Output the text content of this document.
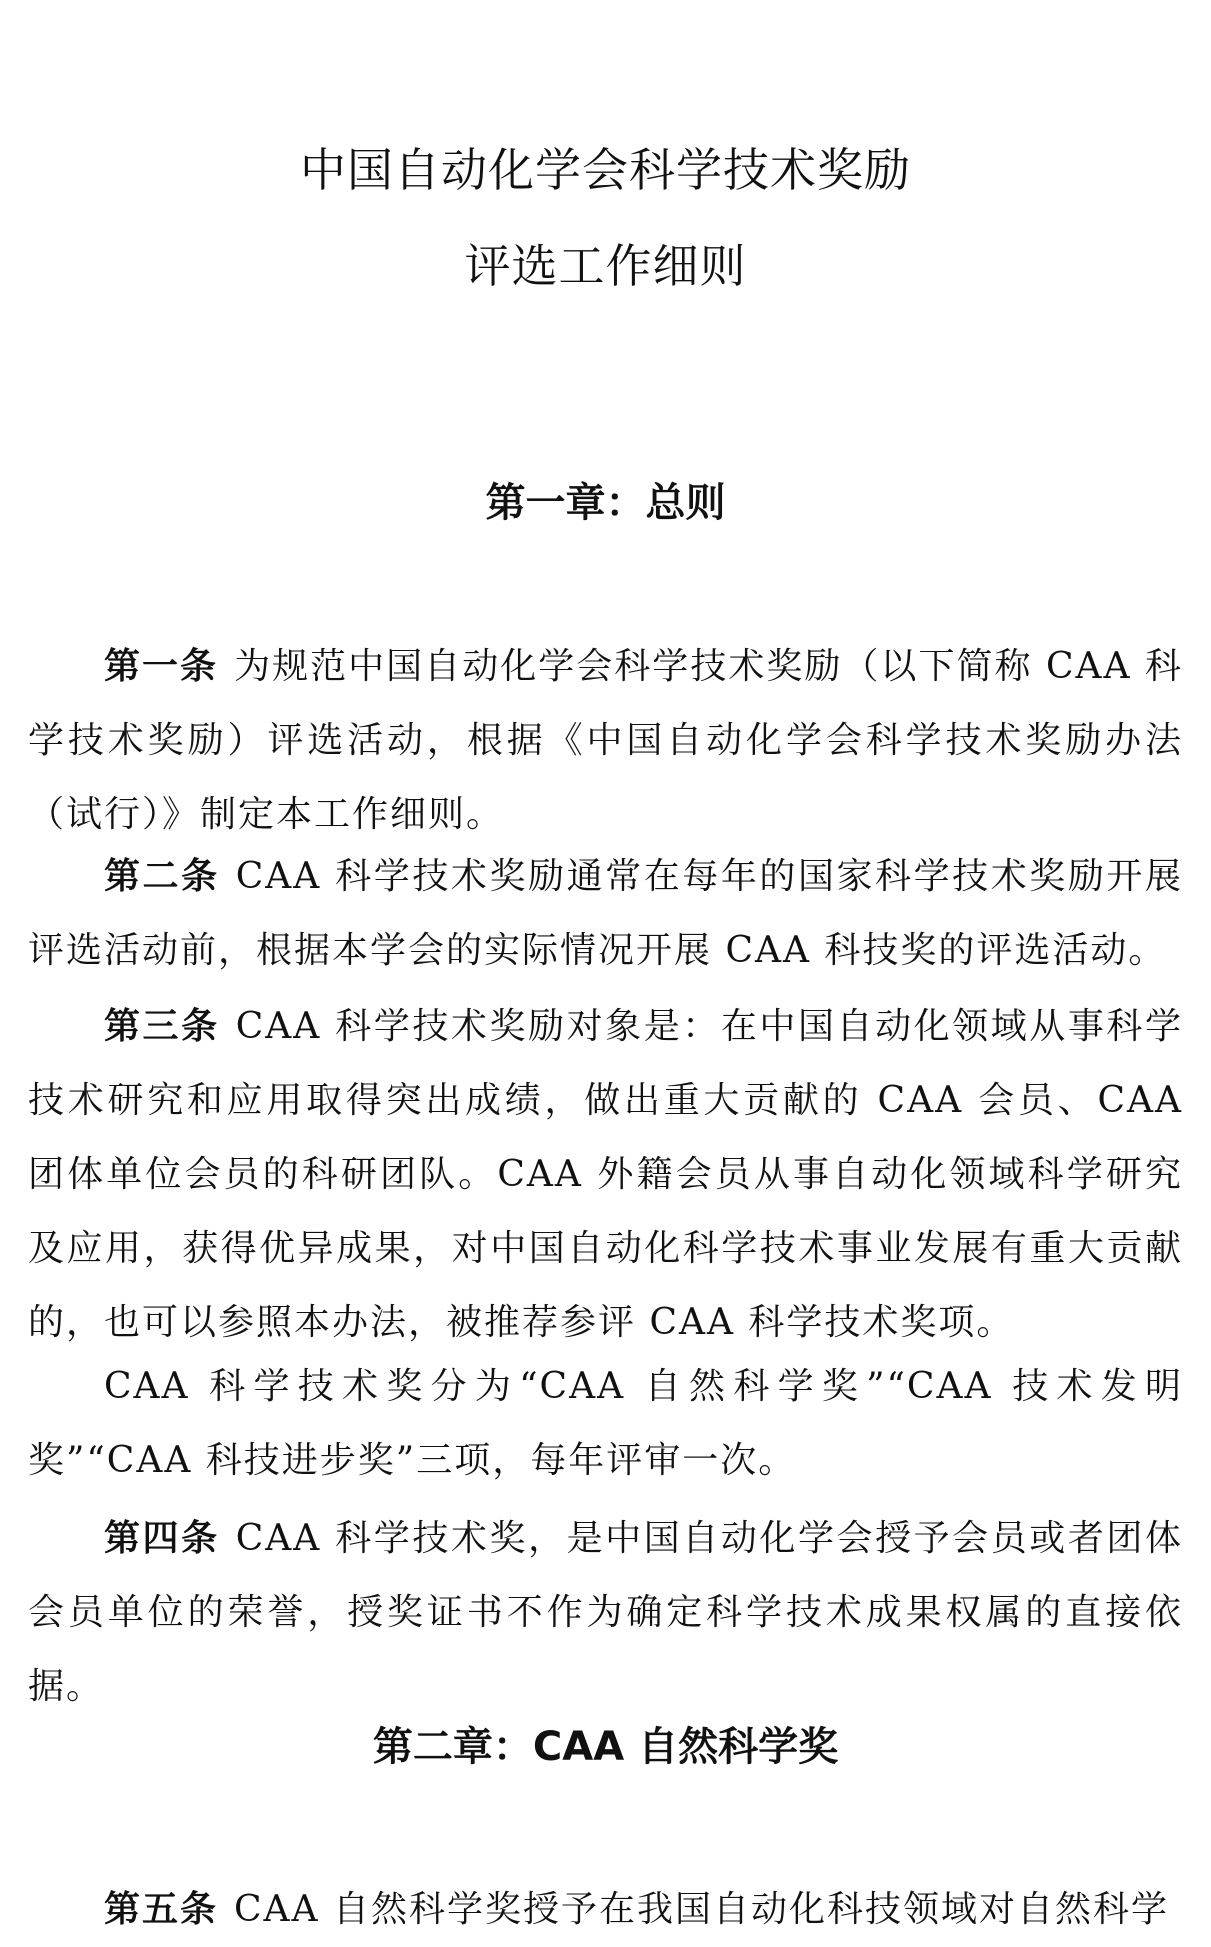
中国自动化学会科学技术奖励
评选工作细则
第一章：总则

第一条 为规范中国自动化学会科学技术奖励（以下简称 CAA 科学技术奖励）评选活动，根据《中国自动化学会科学技术奖励办法（试行）》制定本工作细则。

第二条 CAA 科学技术奖励通常在每年的国家科学技术奖励开展评选活动前，根据本学会的实际情况开展 CAA 科技奖的评选活动。

第三条 CAA 科学技术奖励对象是：在中国自动化领域从事科学技术研究和应用取得突出成绩，做出重大贡献的 CAA 会员、CAA 团体单位会员的科研团队。CAA 外籍会员从事自动化领域科学研究及应用，获得优异成果，对中国自动化科学技术事业发展有重大贡献的，也可以参照本办法，被推荐参评 CAA 科学技术奖项。

CAA 科学技术奖分为“CAA 自然科学奖”“CAA 技术发明奖”“CAA 科技进步奖”三项，每年评审一次。

第四条 CAA 科学技术奖，是中国自动化学会授予会员或者团体会员单位的荣誉，授奖证书不作为确定科学技术成果权属的直接依据。

第二章：CAA 自然科学奖

第五条 CAA 自然科学奖授予在我国自动化科技领域对自然科学
